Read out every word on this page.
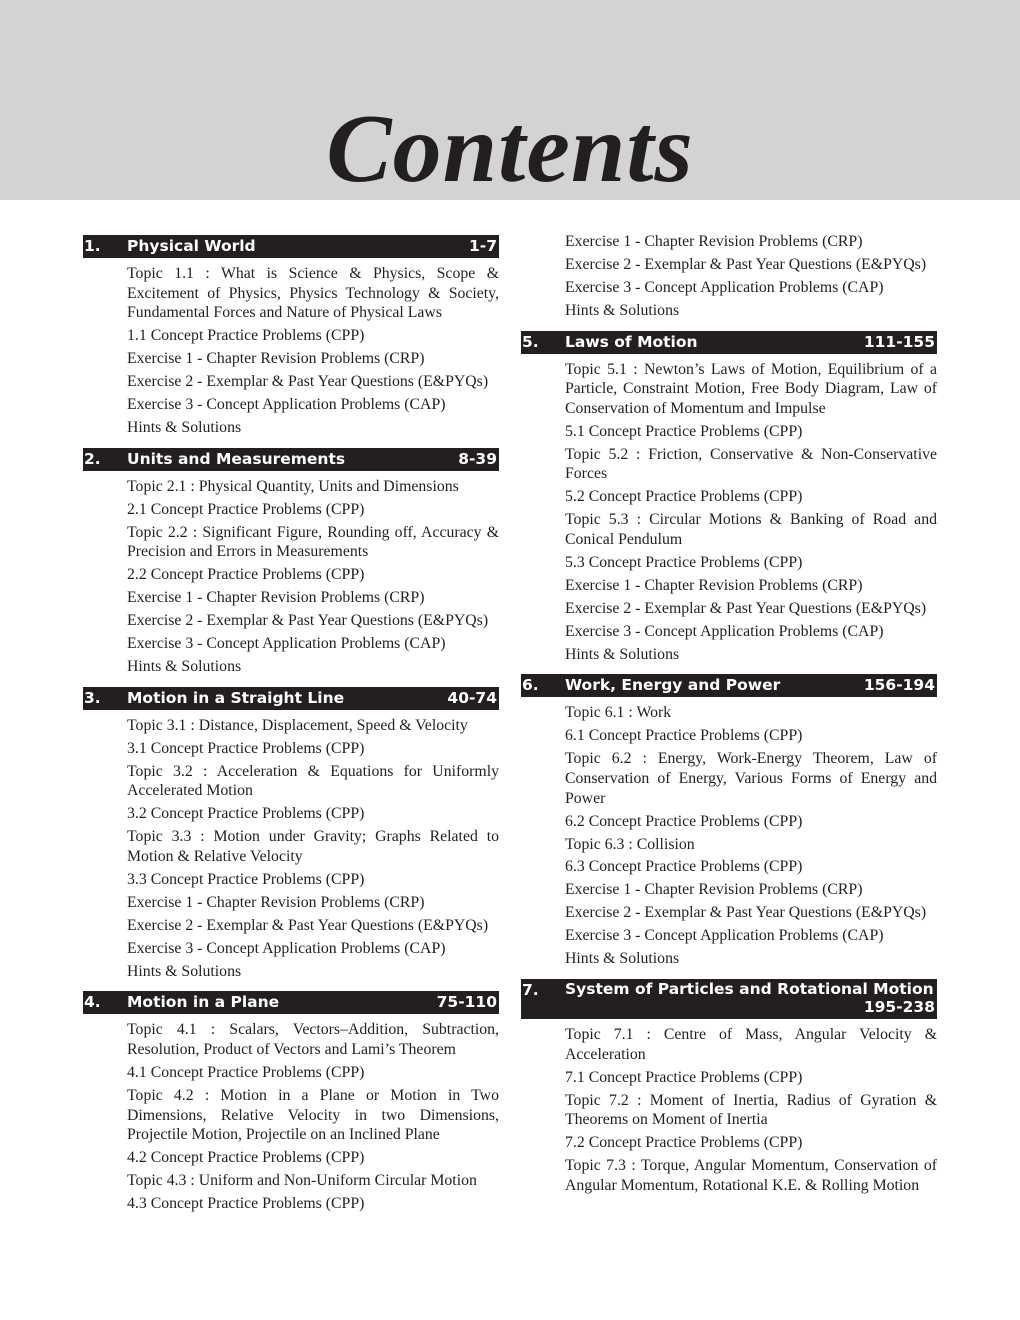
Contents
1. Physical World	1-7
Topic 1.1 : What is Science & Physics, Scope & Excitement of Physics, Physics Technology & Society, Fundamental Forces and Nature of Physical Laws
1.1 Concept Practice Problems (CPP)
Exercise 1 - Chapter Revision Problems (CRP)
Exercise 2 - Exemplar & Past Year Questions (E&PYQs)
Exercise 3 - Concept Application Problems (CAP)
Hints & Solutions
2. Units and Measurements	8-39
Topic 2.1 : Physical Quantity, Units and Dimensions
2.1 Concept Practice Problems (CPP)
Topic 2.2 : Significant Figure, Rounding off, Accuracy & Precision and Errors in Measurements
2.2 Concept Practice Problems (CPP)
Exercise 1 - Chapter Revision Problems (CRP)
Exercise 2 - Exemplar & Past Year Questions (E&PYQs)
Exercise 3 - Concept Application Problems (CAP)
Hints & Solutions
3. Motion in a Straight Line	40-74
Topic 3.1 : Distance, Displacement, Speed & Velocity
3.1 Concept Practice Problems (CPP)
Topic 3.2 : Acceleration & Equations for Uniformly Accelerated Motion
3.2 Concept Practice Problems (CPP)
Topic 3.3 : Motion under Gravity; Graphs Related to Motion & Relative Velocity
3.3 Concept Practice Problems (CPP)
Exercise 1 - Chapter Revision Problems (CRP)
Exercise 2 - Exemplar & Past Year Questions (E&PYQs)
Exercise 3 - Concept Application Problems (CAP)
Hints & Solutions
4. Motion in a Plane	75-110
Topic 4.1 : Scalars, Vectors–Addition, Subtraction, Resolution, Product of Vectors and Lami’s Theorem
4.1 Concept Practice Problems (CPP)
Topic 4.2 : Motion in a Plane or Motion in Two Dimensions, Relative Velocity in two Dimensions, Projectile Motion, Projectile on an Inclined Plane
4.2 Concept Practice Problems (CPP)
Topic 4.3 : Uniform and Non-Uniform Circular Motion
4.3 Concept Practice Problems (CPP)
Exercise 1 - Chapter Revision Problems (CRP)
Exercise 2 - Exemplar & Past Year Questions (E&PYQs)
Exercise 3 - Concept Application Problems (CAP)
Hints & Solutions
5. Laws of Motion	111-155
Topic 5.1 : Newton’s Laws of Motion, Equilibrium of a Particle, Constraint Motion, Free Body Diagram, Law of Conservation of Momentum and Impulse
5.1 Concept Practice Problems (CPP)
Topic 5.2 : Friction, Conservative & Non-Conservative Forces
5.2 Concept Practice Problems (CPP)
Topic 5.3 : Circular Motions & Banking of Road and Conical Pendulum
5.3 Concept Practice Problems (CPP)
Exercise 1 - Chapter Revision Problems (CRP)
Exercise 2 - Exemplar & Past Year Questions (E&PYQs)
Exercise 3 - Concept Application Problems (CAP)
Hints & Solutions
6. Work, Energy and Power	156-194
Topic 6.1 : Work
6.1 Concept Practice Problems (CPP)
Topic 6.2 : Energy, Work-Energy Theorem, Law of Conservation of Energy, Various Forms of Energy and Power
6.2 Concept Practice Problems (CPP)
Topic 6.3 : Collision
6.3 Concept Practice Problems (CPP)
Exercise 1 - Chapter Revision Problems (CRP)
Exercise 2 - Exemplar & Past Year Questions (E&PYQs)
Exercise 3 - Concept Application Problems (CAP)
Hints & Solutions
7. System of Particles and Rotational Motion
195-238
Topic 7.1 : Centre of Mass, Angular Velocity & Acceleration
7.1 Concept Practice Problems (CPP)
Topic 7.2 : Moment of Inertia, Radius of Gyration & Theorems on Moment of Inertia
7.2 Concept Practice Problems (CPP)
Topic 7.3 : Torque, Angular Momentum, Conservation of Angular Momentum, Rotational K.E. & Rolling Motion
